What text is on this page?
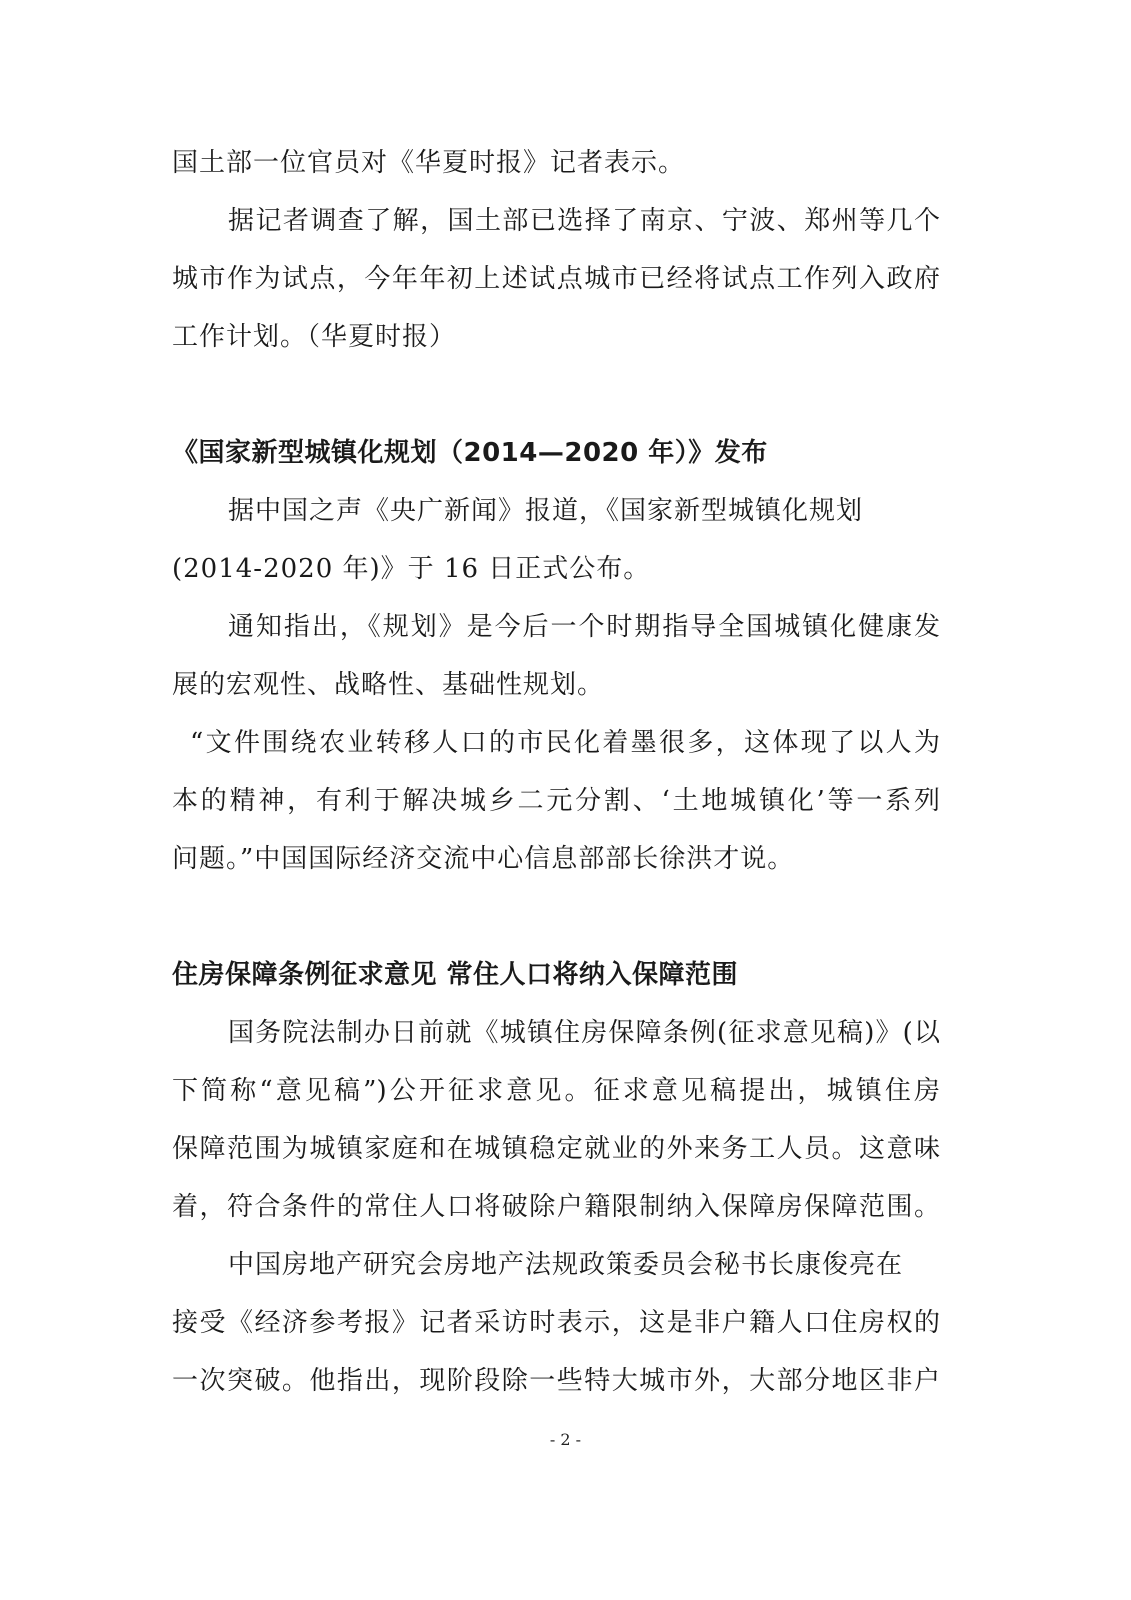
国土部一位官员对《华夏时报》记者表示。
据记者调查了解，国土部已选择了南京、宁波、郑州等几个
城市作为试点，今年年初上述试点城市已经将试点工作列入政府
工作计划。（华夏时报）
《国家新型城镇化规划（2014—2020 年）》发布
据中国之声《央广新闻》报道，《国家新型城镇化规划
(2014-2020 年)》于 16 日正式公布。
通知指出，《规划》是今后一个时期指导全国城镇化健康发
展的宏观性、战略性、基础性规划。
“文件围绕农业转移人口的市民化着墨很多，这体现了以人为
本的精神，有利于解决城乡二元分割、‘土地城镇化’等一系列
问题。”中国国际经济交流中心信息部部长徐洪才说。
住房保障条例征求意见 常住人口将纳入保障范围
国务院法制办日前就《城镇住房保障条例(征求意见稿)》(以
下简称“意见稿”)公开征求意见。征求意见稿提出，城镇住房
保障范围为城镇家庭和在城镇稳定就业的外来务工人员。这意味
着，符合条件的常住人口将破除户籍限制纳入保障房保障范围。
中国房地产研究会房地产法规政策委员会秘书长康俊亮在
接受《经济参考报》记者采访时表示，这是非户籍人口住房权的
一次突破。他指出，现阶段除一些特大城市外，大部分地区非户
- 2 -
